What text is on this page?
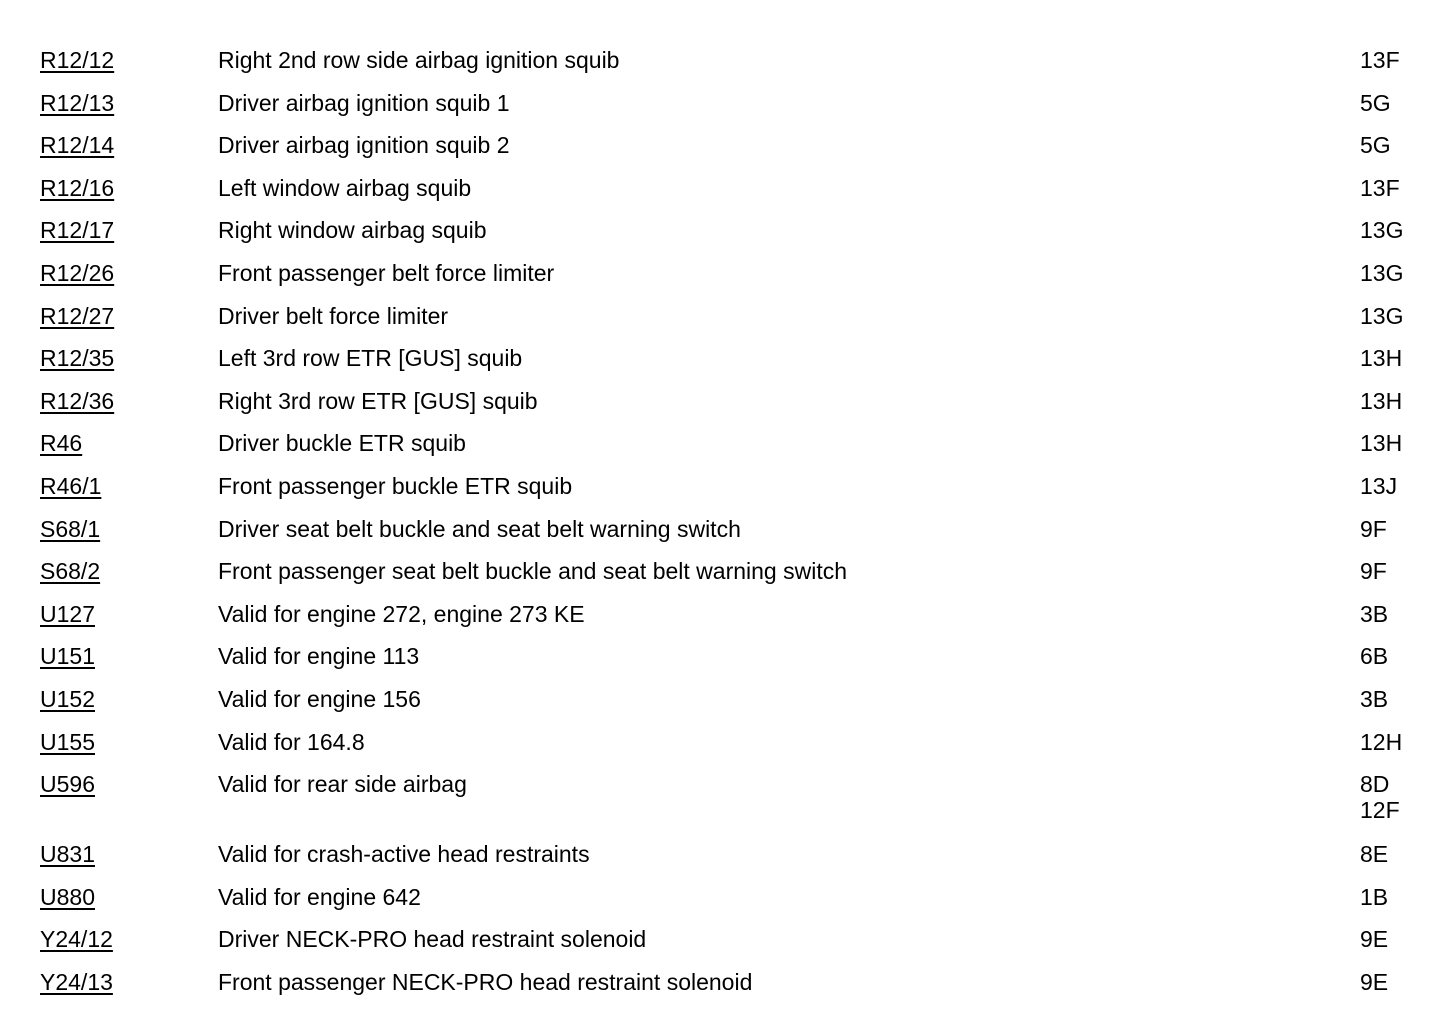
R12/12	Right 2nd row side airbag ignition squib	13F
R12/13	Driver airbag ignition squib 1	5G
R12/14	Driver airbag ignition squib 2	5G
R12/16	Left window airbag squib	13F
R12/17	Right window airbag squib	13G
R12/26	Front passenger belt force limiter	13G
R12/27	Driver belt force limiter	13G
R12/35	Left 3rd row ETR [GUS] squib	13H
R12/36	Right 3rd row ETR [GUS] squib	13H
R46	Driver buckle ETR squib	13H
R46/1	Front passenger buckle ETR squib	13J
S68/1	Driver seat belt buckle and seat belt warning switch	9F
S68/2	Front passenger seat belt buckle and seat belt warning switch	9F
U127	Valid for engine 272, engine 273 KE	3B
U151	Valid for engine 113	6B
U152	Valid for engine 156	3B
U155	Valid for 164.8	12H
U596	Valid for rear side airbag	8D
12F
U831	Valid for crash-active head restraints	8E
U880	Valid for engine 642	1B
Y24/12	Driver NECK-PRO head restraint solenoid	9E
Y24/13	Front passenger NECK-PRO head restraint solenoid	9E
